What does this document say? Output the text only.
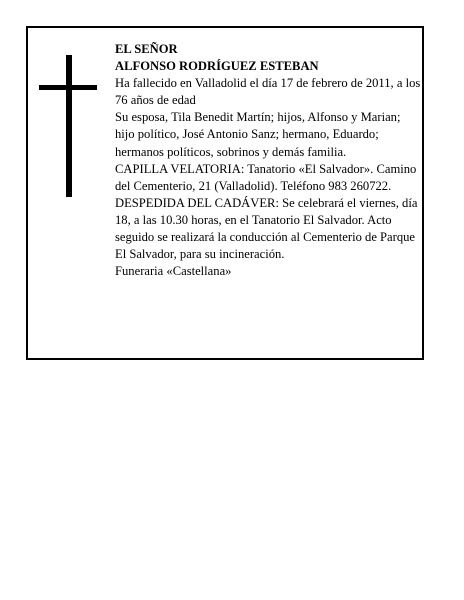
EL SEÑOR

ALFONSO RODRÍGUEZ ESTEBAN

Ha fallecido en Valladolid el día 17 de febrero de 2011, a los 76 años de edad

Su esposa, Tila Benedit Martín; hijos, Alfonso y Marian; hijo político, José Antonio Sanz; hermano, Eduardo; hermanos políticos, sobrinos y demás familia.

CAPILLA VELATORIA: Tanatorio «El Salvador». Camino del Cementerio, 21 (Valladolid). Teléfono 983 260722.

DESPEDIDA DEL CADÁVER: Se celebrará el viernes, día 18, a las 10.30 horas, en el Tanatorio El Salvador. Acto seguido se realizará la conducción al Cementerio de Parque El Salvador, para su incineración.

Funeraria «Castellana»
